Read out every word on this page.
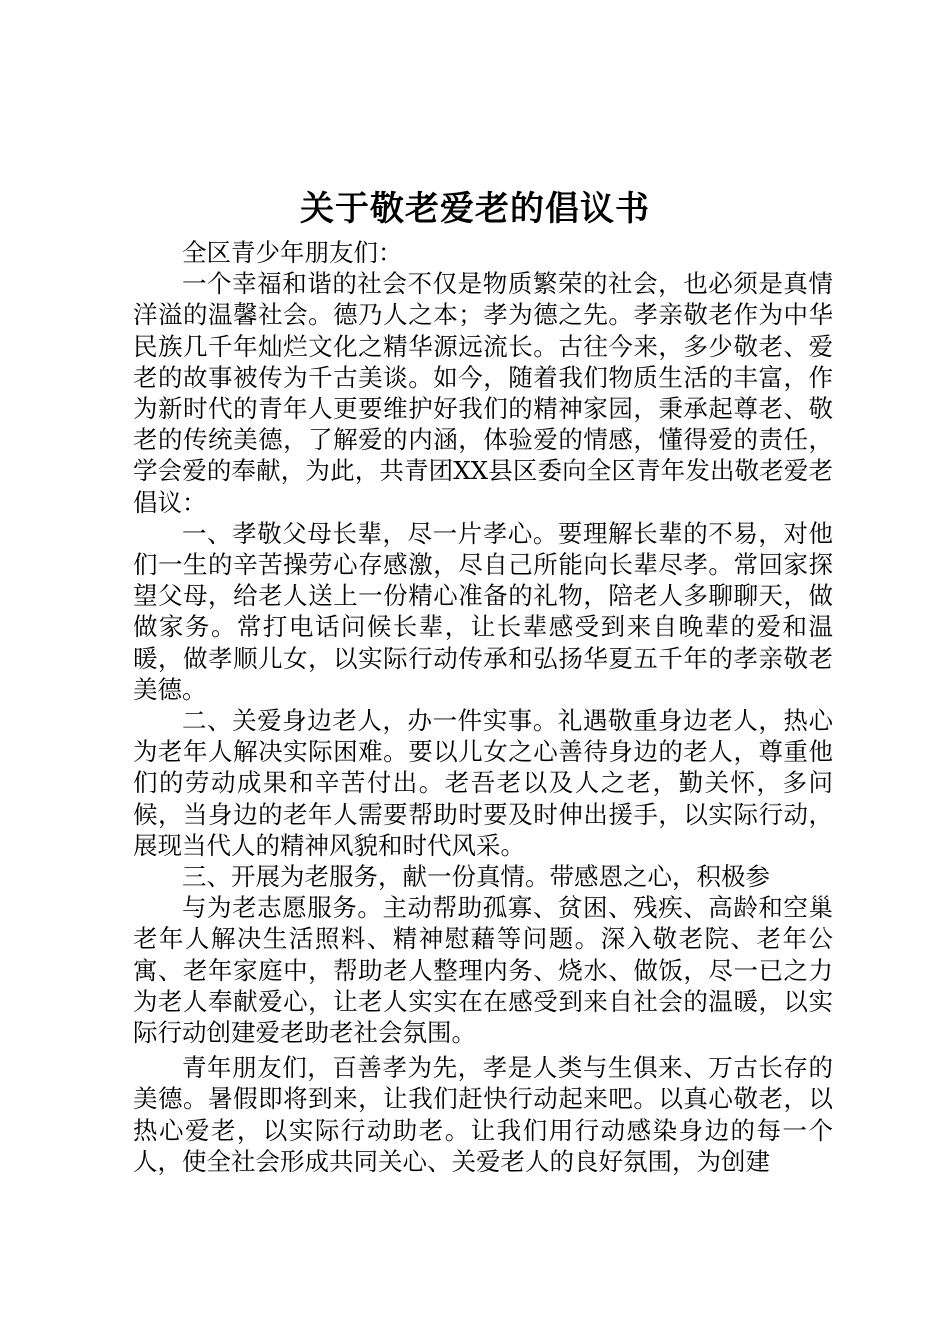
关于敬老爱老的倡议书

全区青少年朋友们：

一个幸福和谐的社会不仅是物质繁荣的社会，也必须是真情洋溢的温馨社会。德乃人之本；孝为德之先。孝亲敬老作为中华民族几千年灿烂文化之精华源远流长。古往今来，多少敬老、爱老的故事被传为千古美谈。如今，随着我们物质生活的丰富，作为新时代的青年人更要维护好我们的精神家园，秉承起尊老、敬老的传统美德，了解爱的内涵，体验爱的情感，懂得爱的责任，学会爱的奉献，为此，共青团XX县区委向全区青年发出敬老爱老倡议：

一、孝敬父母长辈，尽一片孝心。要理解长辈的不易，对他们一生的辛苦操劳心存感激，尽自己所能向长辈尽孝。常回家探望父母，给老人送上一份精心准备的礼物，陪老人多聊聊天，做做家务。常打电话问候长辈，让长辈感受到来自晚辈的爱和温暖，做孝顺儿女，以实际行动传承和弘扬华夏五千年的孝亲敬老美德。

二、关爱身边老人，办一件实事。礼遇敬重身边老人，热心为老年人解决实际困难。要以儿女之心善待身边的老人，尊重他们的劳动成果和辛苦付出。老吾老以及人之老，勤关怀，多问候，当身边的老年人需要帮助时要及时伸出援手，以实际行动，展现当代人的精神风貌和时代风采。

三、开展为老服务，献一份真情。带感恩之心，积极参

与为老志愿服务。主动帮助孤寡、贫困、残疾、高龄和空巢老年人解决生活照料、精神慰藉等问题。深入敬老院、老年公寓、老年家庭中，帮助老人整理内务、烧水、做饭，尽一已之力为老人奉献爱心，让老人实实在在感受到来自社会的温暖，以实际行动创建爱老助老社会氛围。

青年朋友们，百善孝为先，孝是人类与生俱来、万古长存的美德。暑假即将到来，让我们赶快行动起来吧。以真心敬老，以热心爱老，以实际行动助老。让我们用行动感染身边的每一个人，使全社会形成共同关心、关爱老人的良好氛围，为创建
